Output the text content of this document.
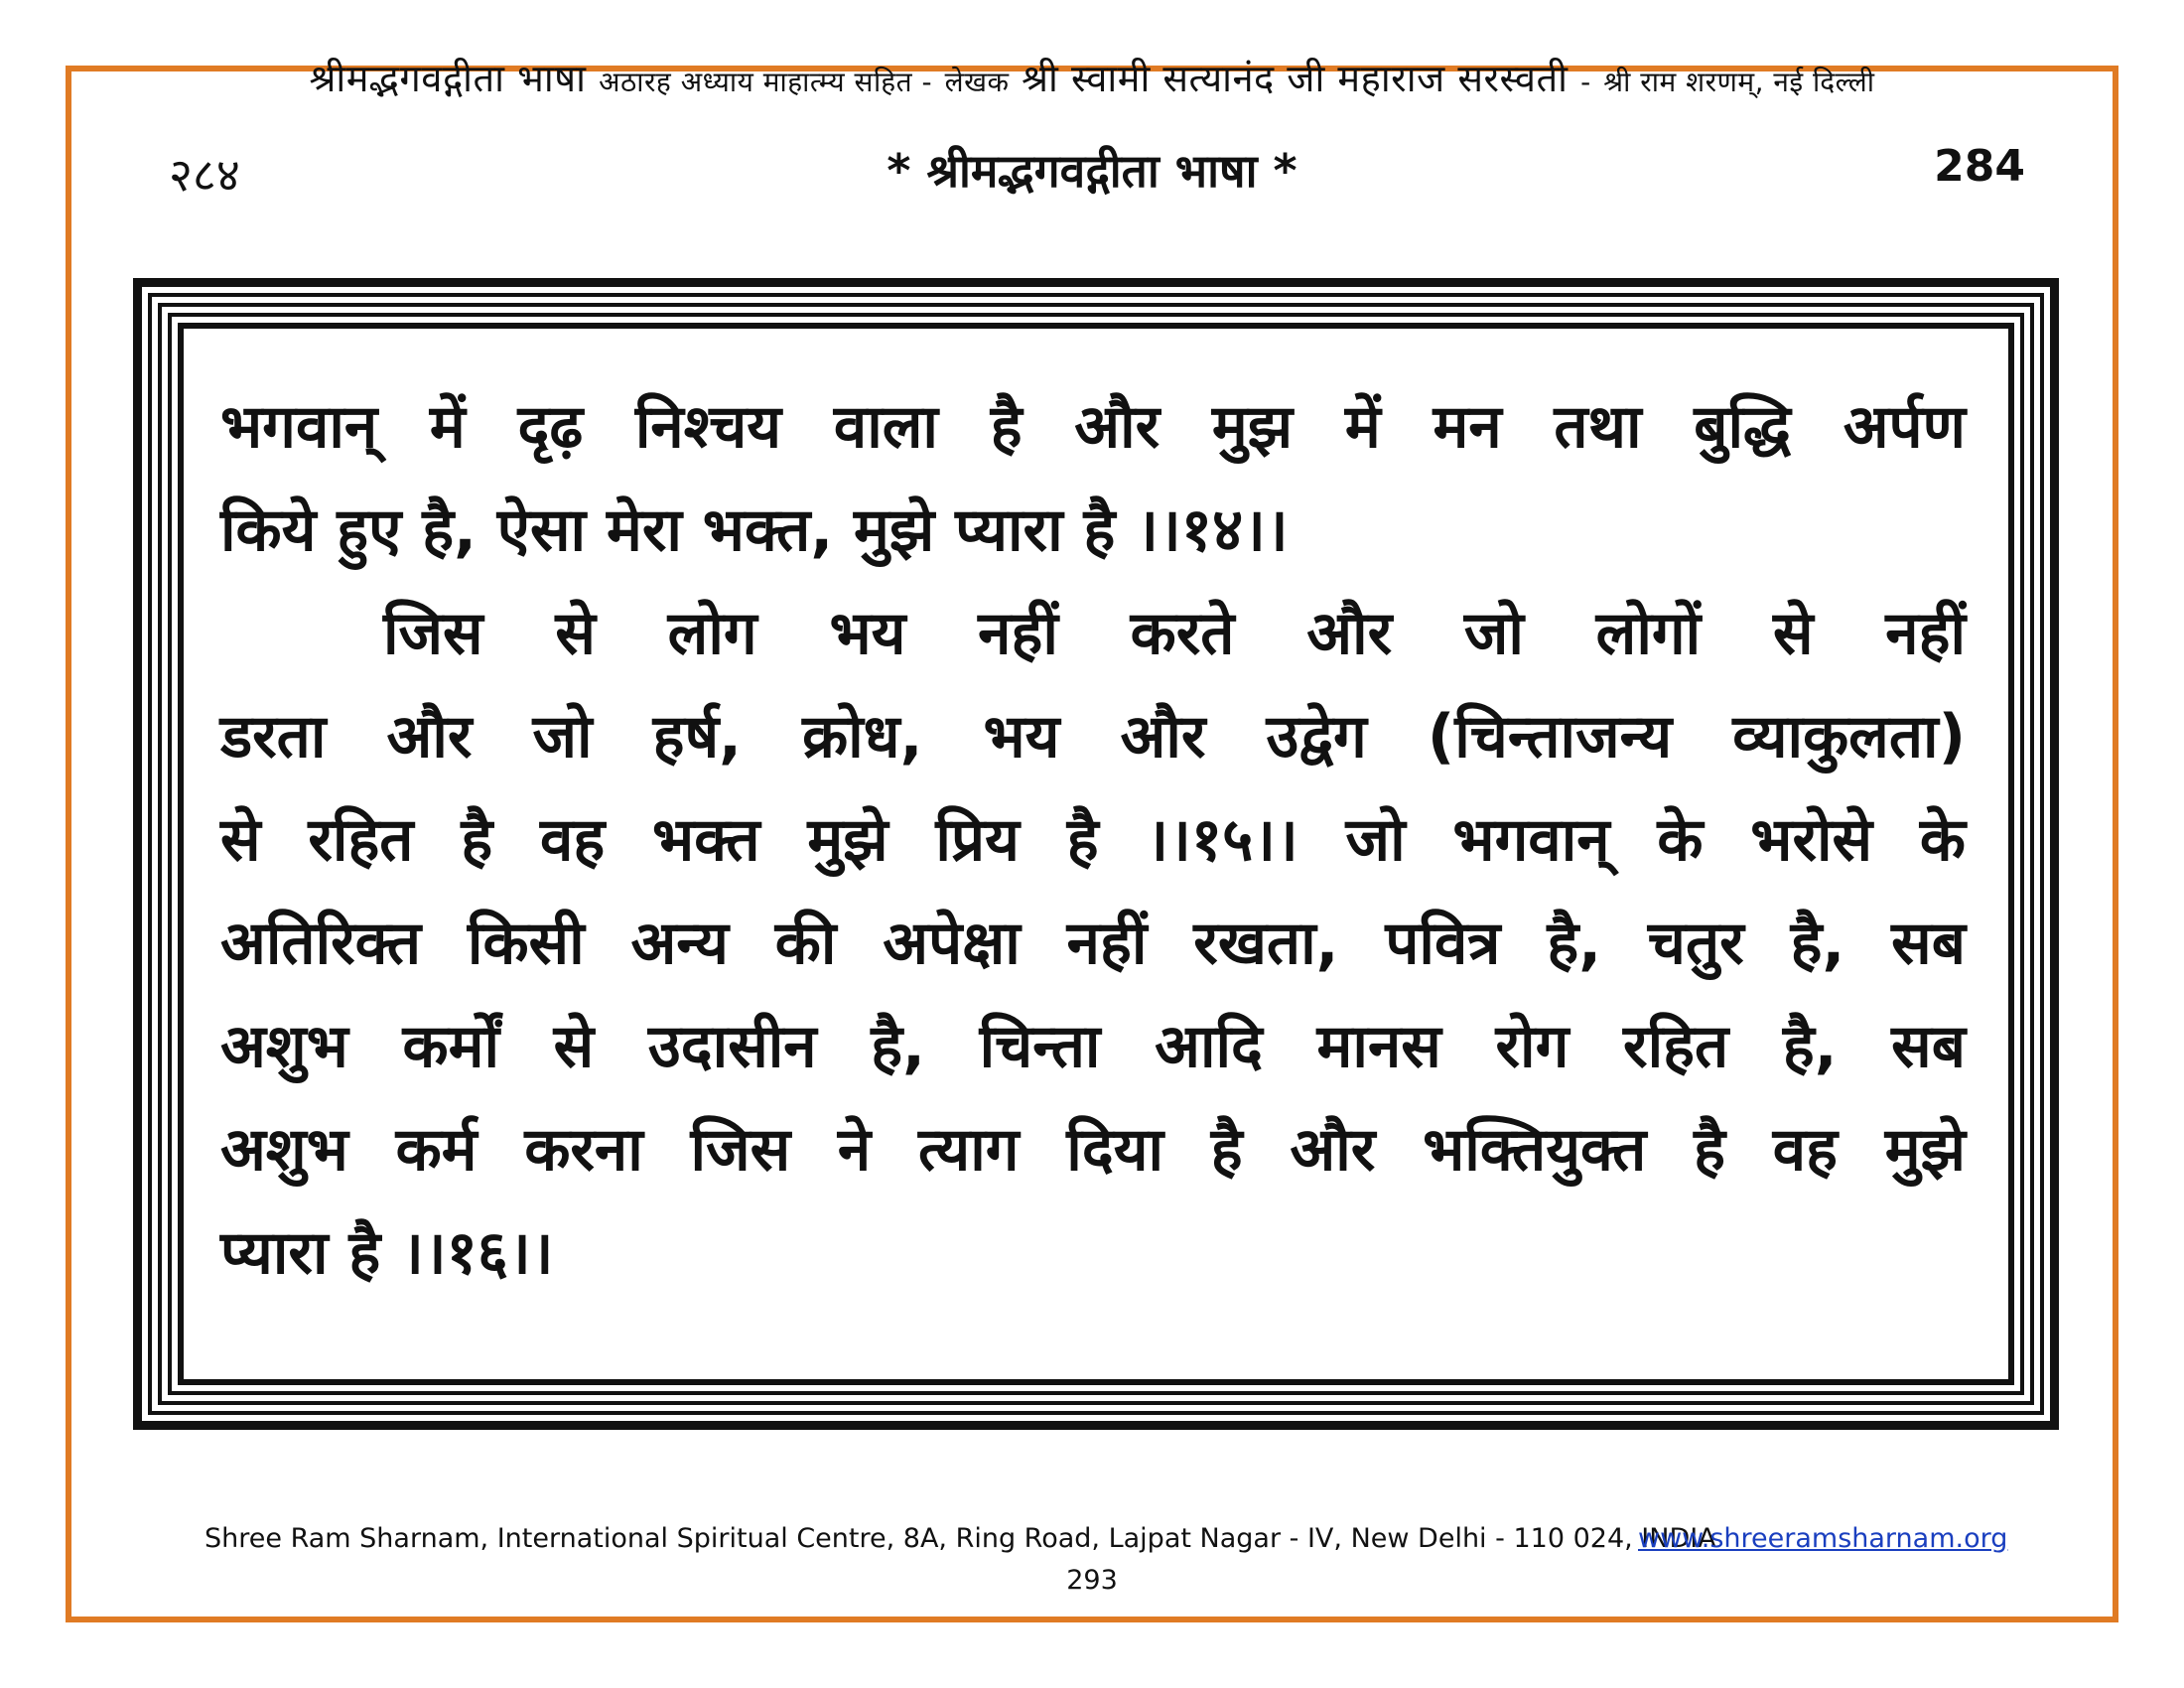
श्रीमद्भगवद्गीता भाषा अठारह अध्याय माहात्म्य सहित - लेखक श्री स्वामी सत्यानंद जी महाराज सरस्वती - श्री राम शरणम्, नई दिल्ली
२८४	* श्रीमद्भगवद्गीता भाषा *	284
भगवान् में दृढ़ निश्चय वाला है और मुझ में मन तथा बुद्धि अर्पण
किये हुए है, ऐसा मेरा भक्त, मुझे प्यारा है ।।१४।।
जिस से लोग भय नहीं करते और जो लोगों से नहीं
डरता और जो हर्ष, क्रोध, भय और उद्वेग (चिन्ताजन्य व्याकुलता)
से रहित है वह भक्त मुझे प्रिय है ।।१५।। जो भगवान् के भरोसे के
अतिरिक्त किसी अन्य की अपेक्षा नहीं रखता, पवित्र है, चतुर है, सब
अशुभ कर्मों से उदासीन है, चिन्ता आदि मानस रोग रहित है, सब
अशुभ कर्म करना जिस ने त्याग दिया है और भक्तियुक्त है वह मुझे
प्यारा है ।।१६।।
Shree Ram Sharnam, International Spiritual Centre, 8A, Ring Road, Lajpat Nagar - IV, New Delhi - 110 024, INDIA
www.shreeramsharnam.org
293
